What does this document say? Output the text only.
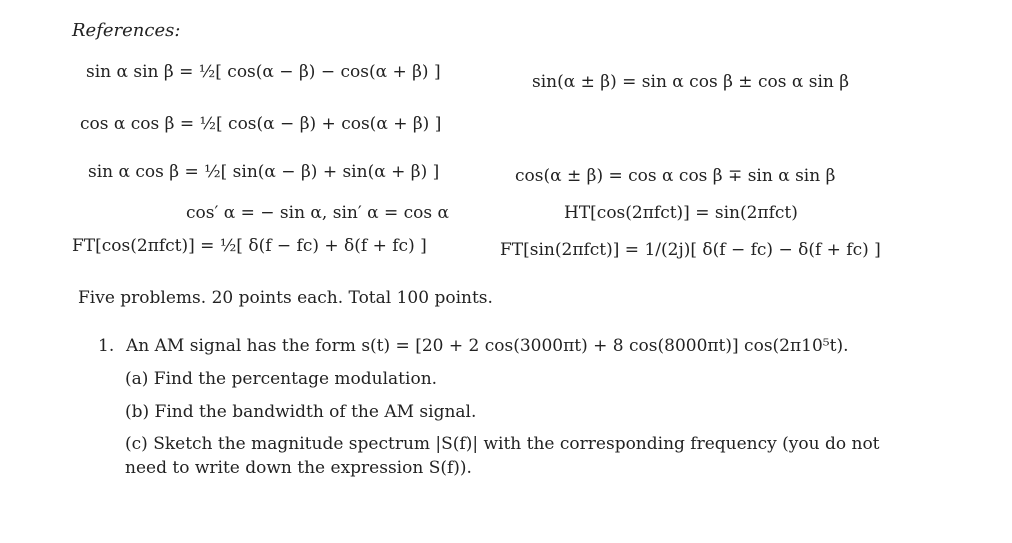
References:
sin α sin β = ½[ cos(α − β) − cos(α + β) ]	sin(α ± β) = sin α cos β ± cos α sin β
cos α cos β = ½[ cos(α − β) + cos(α + β) ]
sin α cos β = ½[ sin(α − β) + sin(α + β) ]	cos(α ± β) = cos α cos β ∓ sin α sin β
cos′ α = − sin α, sin′ α = cos α	HT[cos(2πfct)] = sin(2πfct)
FT[cos(2πfct)] = ½[ δ(f − fc) + δ(f + fc) ]	FT[sin(2πfct)] = 1/(2j)[ δ(f − fc) − δ(f + fc) ]
Five problems. 20 points each. Total 100 points.
1. An AM signal has the form s(t) = [20 + 2 cos(3000πt) + 8 cos(8000πt)] cos(2π10⁵t).
(a) Find the percentage modulation.
(b) Find the bandwidth of the AM signal.
(c) Sketch the magnitude spectrum |S(f)| with the corresponding frequency (you do not need to write down the expression S(f)).
